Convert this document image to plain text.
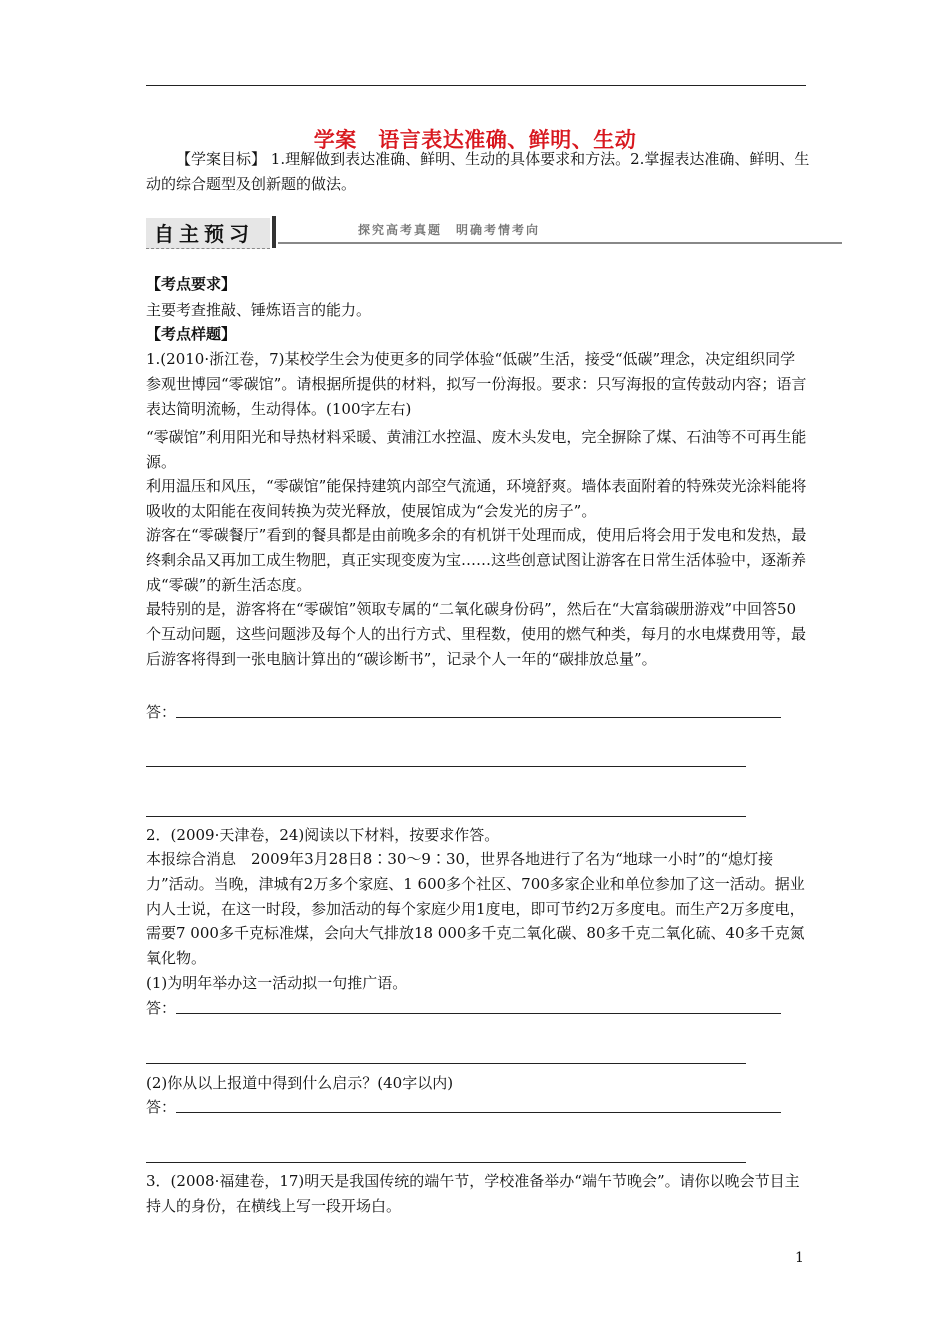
学案　语言表达准确、鲜明、生动

【学案目标】 1.理解做到表达准确、鲜明、生动的具体要求和方法。2.掌握表达准确、鲜明、生动的综合题型及创新题的做法。

自主预习	探究高考真题　明确考情考向

【考点要求】

主要考查推敲、锤炼语言的能力。

【考点样题】

1.(2010·浙江卷，7)某校学生会为使更多的同学体验“低碳”生活，接受“低碳”理念，决定组织同学参观世博园“零碳馆”。请根据所提供的材料，拟写一份海报。要求：只写海报的宣传鼓动内容；语言表达简明流畅，生动得体。(100字左右)

“零碳馆”利用阳光和导热材料采暖、黄浦江水控温、废木头发电，完全摒除了煤、石油等不可再生能源。

利用温压和风压，“零碳馆”能保持建筑内部空气流通，环境舒爽。墙体表面附着的特殊荧光涂料能将吸收的太阳能在夜间转换为荧光释放，使展馆成为“会发光的房子”。

游客在“零碳餐厅”看到的餐具都是由前晚多余的有机饼干处理而成，使用后将会用于发电和发热，最终剩余品又再加工成生物肥，真正实现变废为宝……这些创意试图让游客在日常生活体验中，逐渐养成“零碳”的新生活态度。

最特别的是，游客将在“零碳馆”领取专属的“二氧化碳身份码”，然后在“大富翁碳册游戏”中回答50个互动问题，这些问题涉及每个人的出行方式、里程数，使用的燃气种类，每月的水电煤费用等，最后游客将得到一张电脑计算出的“碳诊断书”，记录个人一年的“碳排放总量”。

答：

2．(2009·天津卷，24)阅读以下材料，按要求作答。

本报综合消息　2009年3月28日8∶30～9∶30，世界各地进行了名为“地球一小时”的“熄灯接力”活动。当晚，津城有2万多个家庭、1 600多个社区、700多家企业和单位参加了这一活动。据业内人士说，在这一时段，参加活动的每个家庭少用1度电，即可节约2万多度电。而生产2万多度电，需要7 000多千克标准煤，会向大气排放18 000多千克二氧化碳、80多千克二氧化硫、40多千克氮氧化物。

(1)为明年举办这一活动拟一句推广语。

答：

(2)你从以上报道中得到什么启示？(40字以内)

答：

3．(2008·福建卷，17)明天是我国传统的端午节，学校准备举办“端午节晚会”。请你以晚会节目主持人的身份，在横线上写一段开场白。

1
